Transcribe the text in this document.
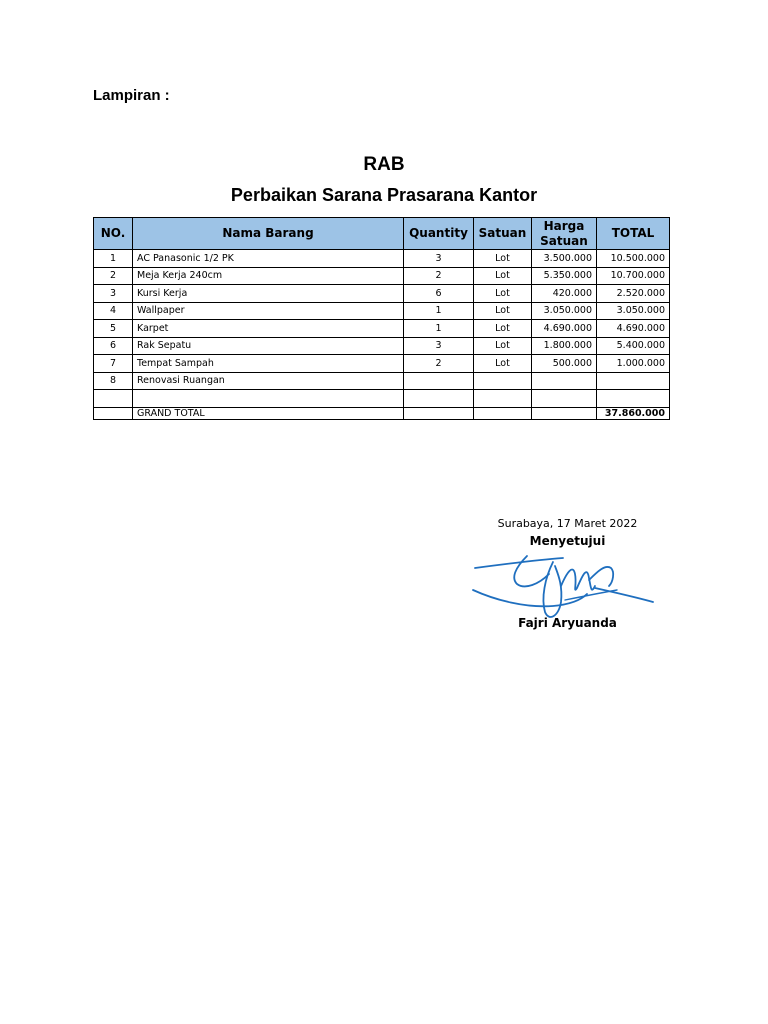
Lampiran :
RAB
Perbaikan Sarana Prasarana Kantor
NO.	Nama Barang	Quantity	Satuan	Harga Satuan	TOTAL
1	AC Panasonic 1/2 PK	3	Lot	3.500.000	10.500.000
2	Meja Kerja 240cm	2	Lot	5.350.000	10.700.000
3	Kursi Kerja	6	Lot	420.000	2.520.000
4	Wallpaper	1	Lot	3.050.000	3.050.000
5	Karpet	1	Lot	4.690.000	4.690.000
6	Rak Sepatu	3	Lot	1.800.000	5.400.000
7	Tempat Sampah	2	Lot	500.000	1.000.000
8	Renovasi Ruangan				

	GRAND TOTAL				37.860.000
Surabaya, 17 Maret 2022
Menyetujui
Fajri Aryuanda
